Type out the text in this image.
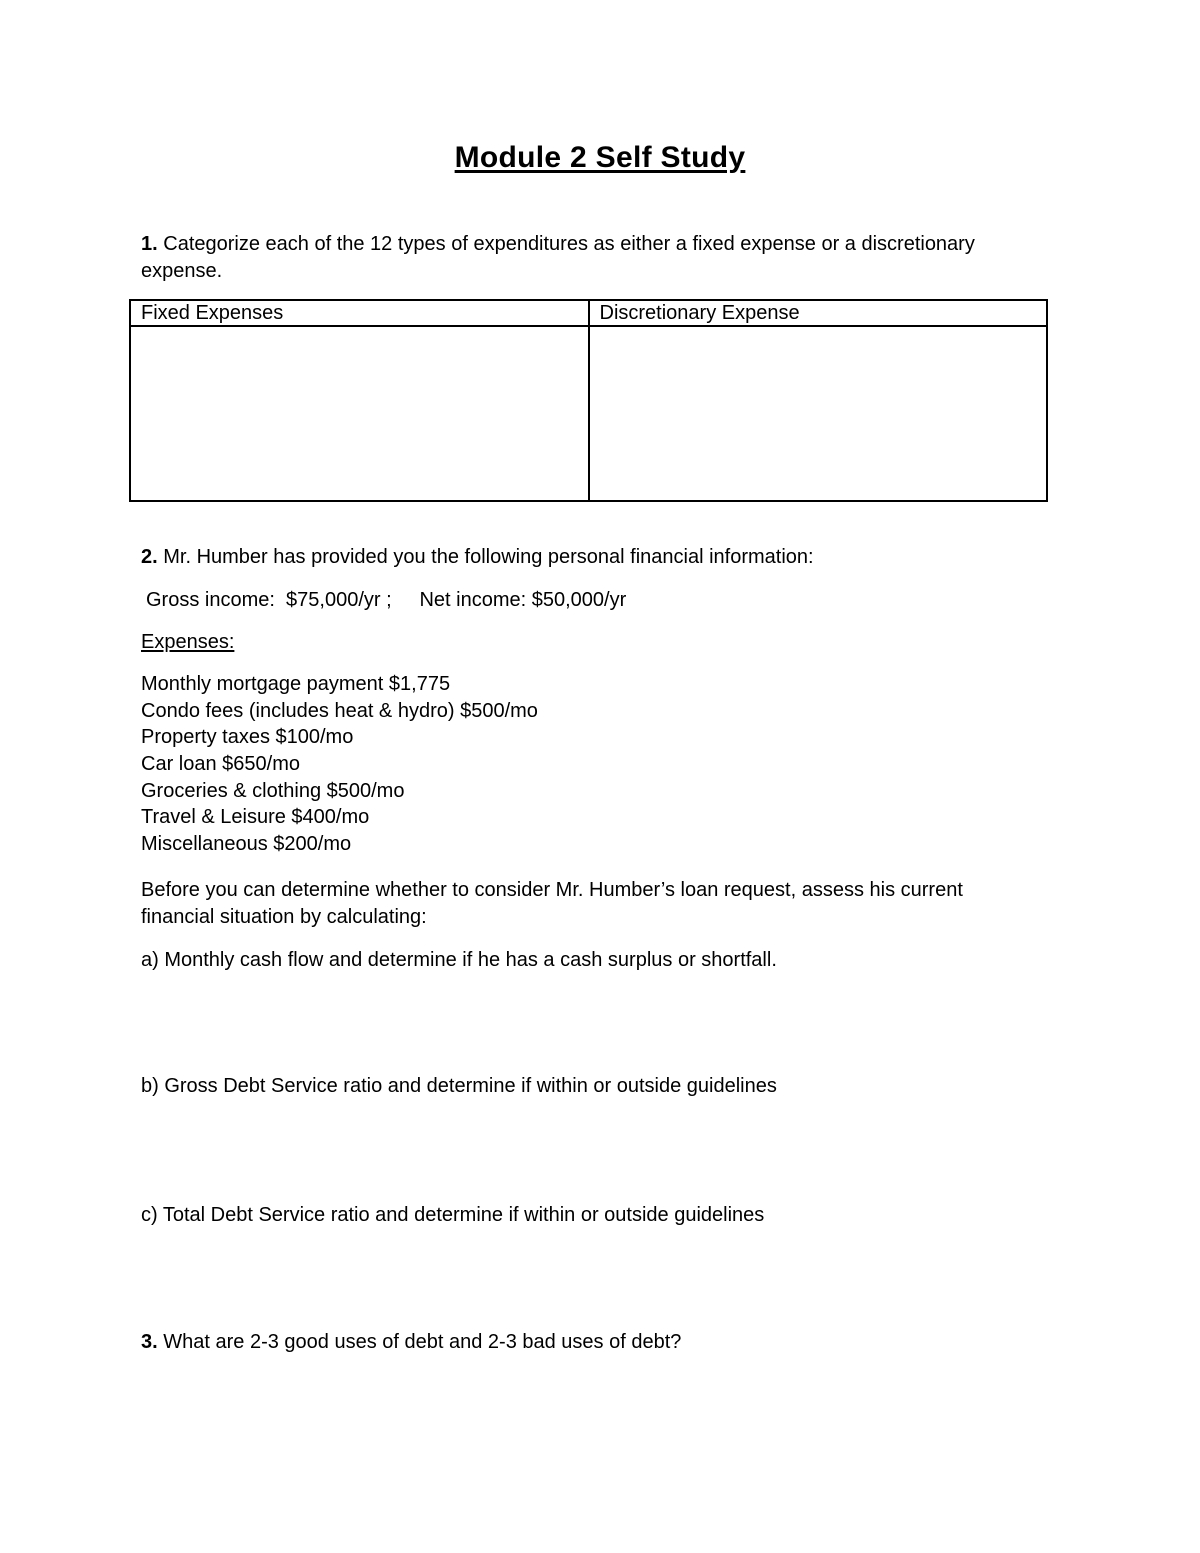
Module 2 Self Study
1. Categorize each of the 12 types of expenditures as either a fixed expense or a discretionary
expense.
Fixed Expenses	Discretionary Expense

2. Mr. Humber has provided you the following personal financial information:
Gross income:  $75,000/yr ;     Net income: $50,000/yr
Expenses:
Monthly mortgage payment $1,775
Condo fees (includes heat & hydro) $500/mo
Property taxes $100/mo
Car loan $650/mo
Groceries & clothing $500/mo
Travel & Leisure $400/mo
Miscellaneous $200/mo
Before you can determine whether to consider Mr. Humber’s loan request, assess his current
financial situation by calculating:
a) Monthly cash flow and determine if he has a cash surplus or shortfall.
b) Gross Debt Service ratio and determine if within or outside guidelines
c) Total Debt Service ratio and determine if within or outside guidelines
3. What are 2-3 good uses of debt and 2-3 bad uses of debt?
